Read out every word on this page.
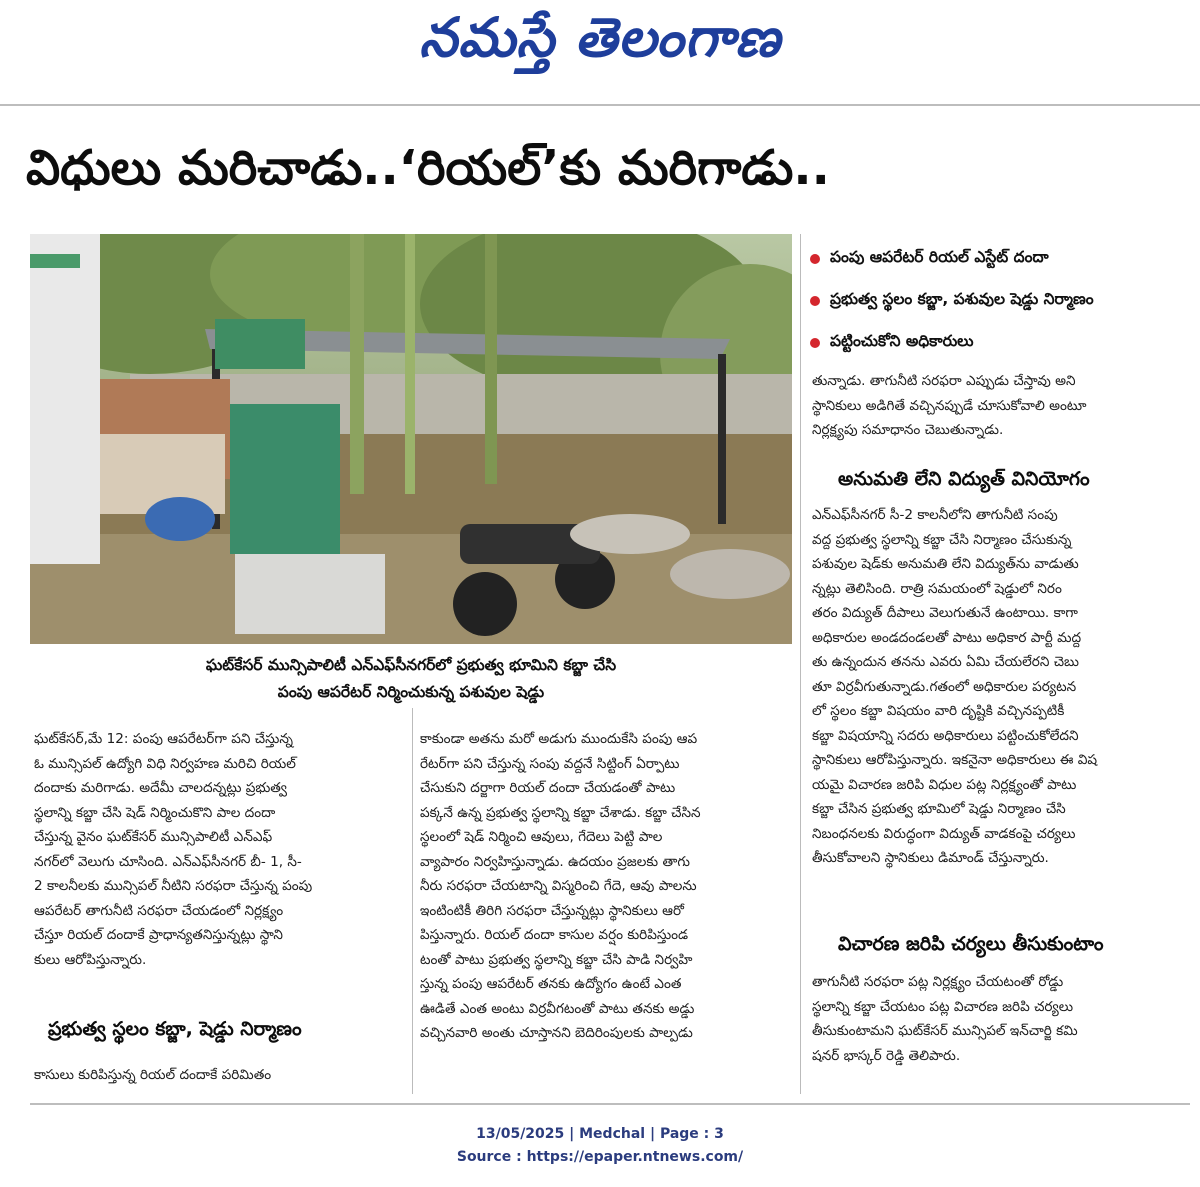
నమస్తే తెలంగాణ
విధులు మరిచాడు..‘రియల్’కు మరిగాడు..
ఘట్‌కేసర్ మున్సిపాలిటీ ఎన్‌ఎఫ్‌సీనగర్‌లో ప్రభుత్వ భూమిని కబ్జా చేసి
పంపు ఆపరేటర్ నిర్మించుకున్న పశువుల షెడ్డు
పంపు ఆపరేటర్ రియల్ ఎస్టేట్ దందా
ప్రభుత్వ స్థలం కబ్జా, పశువుల షెడ్డు నిర్మాణం
పట్టించుకోని అధికారులు
ఘట్‌కేసర్,మే 12: పంపు ఆపరేటర్‌గా పని చేస్తున్న
ఓ మున్సిపల్ ఉద్యోగి విధి నిర్వహణ మరిచి రియల్
దందాకు మరిగాడు. అదేమీ చాలదన్నట్లు ప్రభుత్వ
స్థలాన్ని కబ్జా చేసి షెడ్ నిర్మించుకొని పాల దందా
చేస్తున్న వైనం ఘట్‌కేసర్ మున్సిపాలిటీ ఎన్‌ఎఫ్
నగర్‌లో వెలుగు చూసింది. ఎన్‌ఎఫ్‌సీనగర్ బీ- 1, సీ-
2 కాలనీలకు మున్సిపల్ నీటిని సరఫరా చేస్తున్న పంపు
ఆపరేటర్ తాగునీటి సరఫరా చేయడంలో నిర్లక్ష్యం
చేస్తూ రియల్ దందాకే ప్రాధాన్యతనిస్తున్నట్లు స్థాని
కులు ఆరోపిస్తున్నారు.
ప్రభుత్వ స్థలం కబ్జా, షెడ్డు నిర్మాణం
కాసులు కురిపిస్తున్న రియల్ దందాకే పరిమితం
కాకుండా అతను మరో అడుగు ముందుకేసి పంపు ఆప
రేటర్‌గా పని చేస్తున్న సంపు వద్దనే సిట్టింగ్ ఏర్పాటు
చేసుకుని దర్జాగా రియల్ దందా చేయడంతో పాటు
పక్కనే ఉన్న ప్రభుత్వ స్థలాన్ని కబ్జా చేశాడు. కబ్జా చేసిన
స్థలంలో షెడ్ నిర్మించి ఆవులు, గేదెలు పెట్టి పాల
వ్యాపారం నిర్వహిస్తున్నాడు. ఉదయం ప్రజలకు తాగు
నీరు సరఫరా చేయటాన్ని విస్మరించి గేదె, ఆవు పాలను
ఇంటింటికీ తిరిగి సరఫరా చేస్తున్నట్లు స్థానికులు ఆరో
పిస్తున్నారు. రియల్ దందా కాసుల వర్షం కురిపిస్తుండ
టంతో పాటు ప్రభుత్వ స్థలాన్ని కబ్జా చేసి పాడి నిర్వహి
స్తున్న పంపు ఆపరేటర్ తనకు ఉద్యోగం ఉంటే ఎంత
ఊడితే ఎంత అంటు విర్రవీగటంతో పాటు తనకు అడ్డు
వచ్చినవారి అంతు చూస్తానని బెదిరింపులకు పాల్పడు
తున్నాడు. తాగునీటి సరఫరా ఎప్పుడు చేస్తావు అని
స్థానికులు అడిగితే వచ్చినప్పుడే చూసుకోవాలి అంటూ
నిర్లక్ష్యపు సమాధానం చెబుతున్నాడు.
అనుమతి లేని విద్యుత్ వినియోగం
ఎన్‌ఎఫ్‌సీనగర్ సీ-2 కాలనీలోని తాగునీటి సంపు
వద్ద ప్రభుత్వ స్థలాన్ని కబ్జా చేసి నిర్మాణం చేసుకున్న
పశువుల షెడ్‌కు అనుమతి లేని విద్యుత్‌ను వాడుతు
న్నట్లు తెలిసింది. రాత్రి సమయంలో షెడ్డులో నిరం
తరం విద్యుత్ దీపాలు వెలుగుతునే ఉంటాయి. కాగా
అధికారుల అండదండలతో పాటు అధికార పార్టీ మద్ద
తు ఉన్నందున తనను ఎవరు ఏమి చేయలేరని చెబు
తూ విర్రవీగుతున్నాడు.గతంలో అధికారుల పర్యటన
లో స్థలం కబ్జా విషయం వారి దృష్టికి వచ్చినప్పటికీ
కబ్జా విషయాన్ని సదరు అధికారులు పట్టించుకోలేదని
స్థానికులు ఆరోపిస్తున్నారు. ఇకనైనా అధికారులు ఈ విష
యమై విచారణ జరిపి విధుల పట్ల నిర్లక్ష్యంతో పాటు
కబ్జా చేసిన ప్రభుత్వ భూమిలో షెడ్డు నిర్మాణం చేసి
నిబంధనలకు విరుద్ధంగా విద్యుత్ వాడకంపై చర్యలు
తీసుకోవాలని స్థానికులు డిమాండ్ చేస్తున్నారు.
విచారణ జరిపి చర్యలు తీసుకుంటాం
తాగునీటి సరఫరా పట్ల నిర్లక్ష్యం చేయటంతో రోడ్డు
స్థలాన్ని కబ్జా చేయటం పట్ల విచారణ జరిపి చర్యలు
తీసుకుంటామని ఘట్‌కేసర్ మున్సిపల్ ఇన్‌చార్జి కమి
షనర్ భాస్కర్ రెడ్డి తెలిపారు.
13/05/2025 | Medchal | Page : 3
Source : https://epaper.ntnews.com/
